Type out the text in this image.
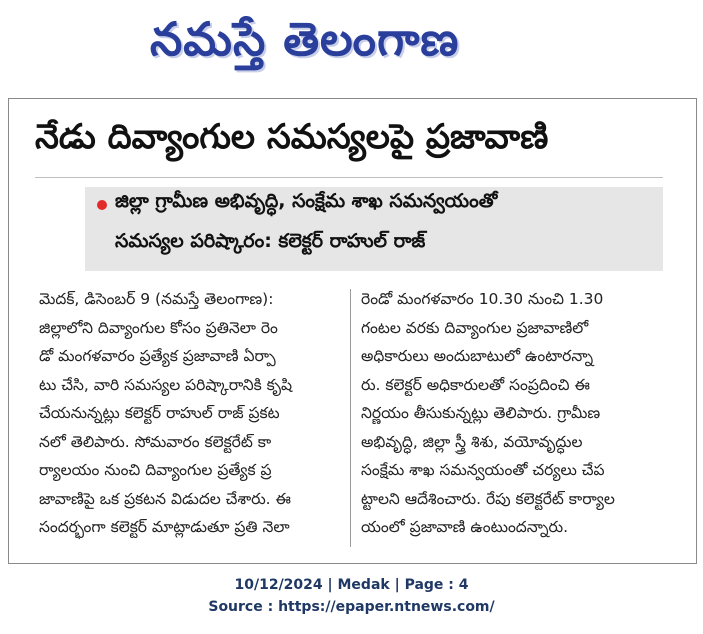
నమస్తే తెలంగాణ
నేడు దివ్యాంగుల సమస్యలపై ప్రజావాణి
జిల్లా గ్రామీణ అభివృద్ధి, సంక్షేమ శాఖ సమన్వయంతో
సమస్యల పరిష్కారం: కలెక్టర్ రాహుల్ రాజ్
మెదక్, డిసెంబర్ 9 (నమస్తే తెలంగాణ):
జిల్లాలోని దివ్యాంగుల కోసం ప్రతినెలా రెం
డో మంగళవారం ప్రత్యేక ప్రజావాణి ఏర్పా
టు చేసి, వారి సమస్యల పరిష్కారానికి కృషి
చేయనున్నట్లు కలెక్టర్ రాహుల్ రాజ్ ప్రకట
నలో తెలిపారు. సోమవారం కలెక్టరేట్ కా
ర్యాలయం నుంచి దివ్యాంగుల ప్రత్యేక ప్ర
జావాణిపై ఒక ప్రకటన విడుదల చేశారు. ఈ
సందర్భంగా కలెక్టర్ మాట్లాడుతూ ప్రతి నెలా
రెండో మంగళవారం 10.30 నుంచి 1.30
గంటల వరకు దివ్యాంగుల ప్రజావాణిలో
అధికారులు అందుబాటులో ఉంటారన్నా
రు. కలెక్టర్ అధికారులతో సంప్రదించి ఈ
నిర్ణయం తీసుకున్నట్లు తెలిపారు. గ్రామీణ
అభివృద్ధి, జిల్లా స్త్రీ శిశు, వయోవృద్ధుల
సంక్షేమ శాఖ సమన్వయంతో చర్యలు చేప
ట్టాలని ఆదేశించారు. రేపు కలెక్టరేట్ కార్యాల
యంలో ప్రజావాణి ఉంటుందన్నారు.
10/12/2024 | Medak | Page : 4
Source : https://epaper.ntnews.com/
